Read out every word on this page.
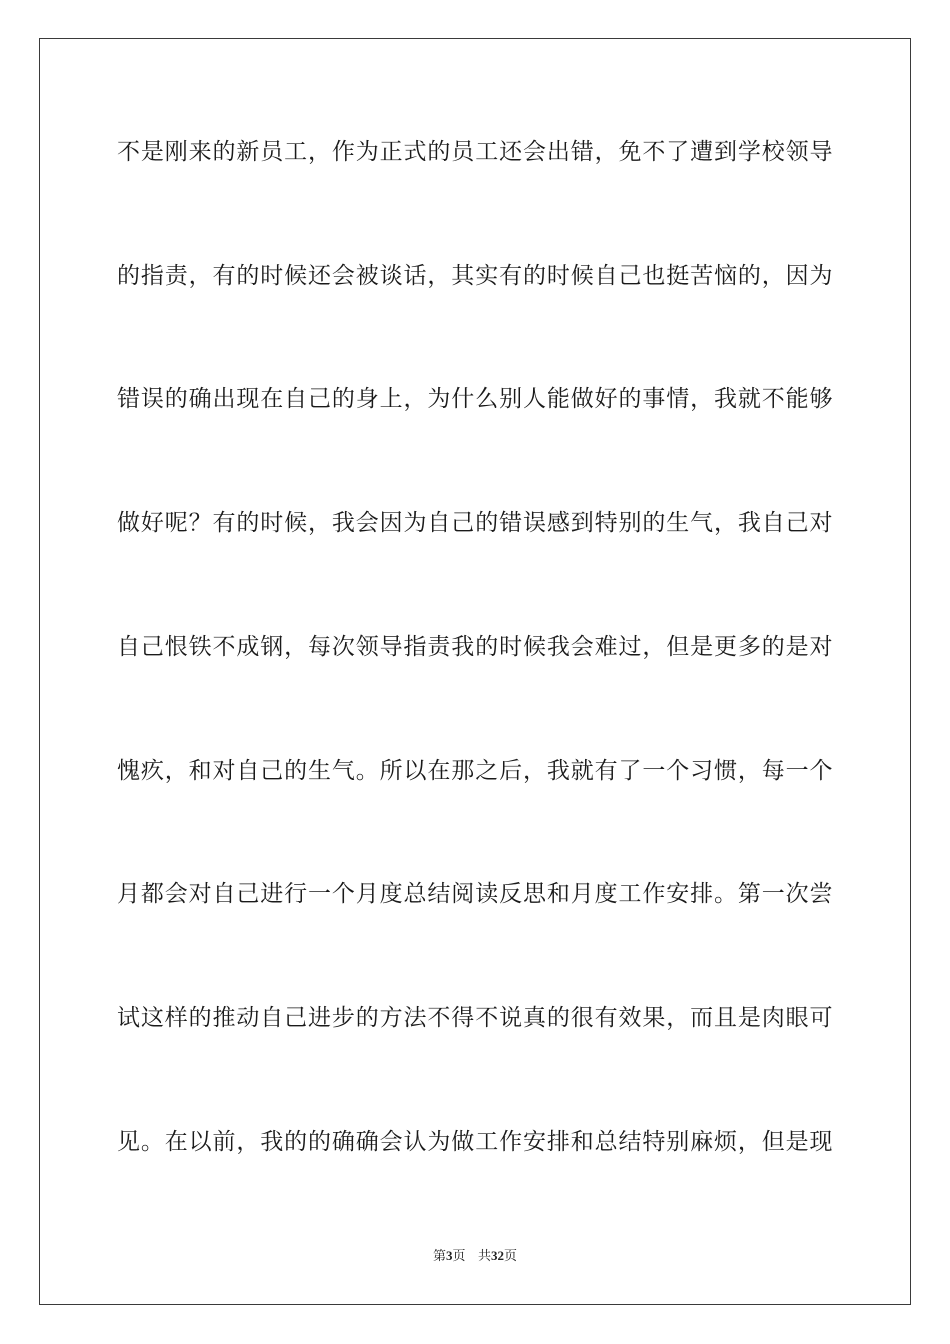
不是刚来的新员工，作为正式的员工还会出错，免不了遭到学校领导
的指责，有的时候还会被谈话，其实有的时候自己也挺苦恼的，因为
错误的确出现在自己的身上，为什么别人能做好的事情，我就不能够
做好呢？有的时候，我会因为自己的错误感到特别的生气，我自己对
自己恨铁不成钢，每次领导指责我的时候我会难过，但是更多的是对
愧疚，和对自己的生气。所以在那之后，我就有了一个习惯，每一个
月都会对自己进行一个月度总结阅读反思和月度工作安排。第一次尝
试这样的推动自己进步的方法不得不说真的很有效果，而且是肉眼可
见。在以前，我的的确确会认为做工作安排和总结特别麻烦，但是现
第3页 共32页
